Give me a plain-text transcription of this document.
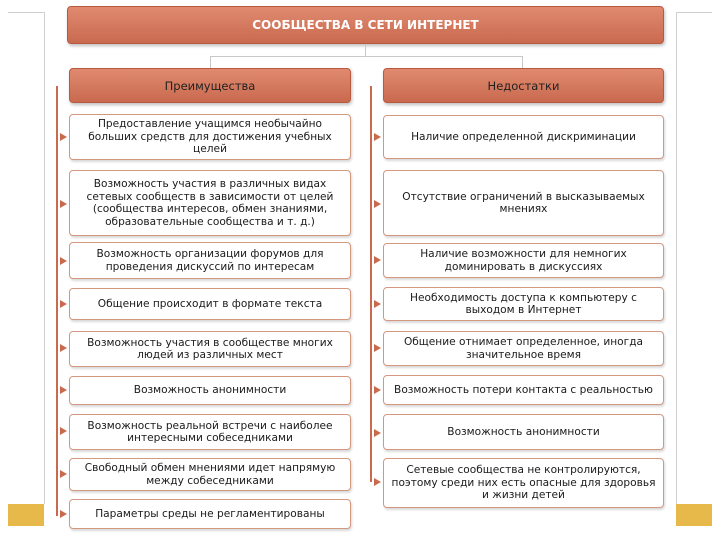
СООБЩЕСТВА В СЕТИ ИНТЕРНЕТ
Преимущества	Недостатки
Предоставление учащимся необычайно больших средств для достижения учебных целей
Возможность участия в различных видах сетевых сообществ в зависимости от целей (сообщества интересов, обмен знаниями, образовательные сообщества и т. д.)
Возможность организации форумов для проведения дискуссий по интересам
Общение происходит в формате текста
Возможность участия в сообществе многих людей из различных мест
Возможность анонимности
Возможность реальной встречи с наиболее интересными собеседниками
Свободный обмен мнениями идет напрямую между собеседниками
Параметры среды не регламентированы
Наличие определенной дискриминации
Отсутствие ограничений в высказываемых мнениях
Наличие возможности для немногих доминировать в дискуссиях
Необходимость доступа к компьютеру с выходом в Интернет
Общение отнимает определенное, иногда значительное время
Возможность потери контакта с реальностью
Возможность анонимности
Сетевые сообщества не контролируются, поэтому среди них есть опасные для здоровья и жизни детей
